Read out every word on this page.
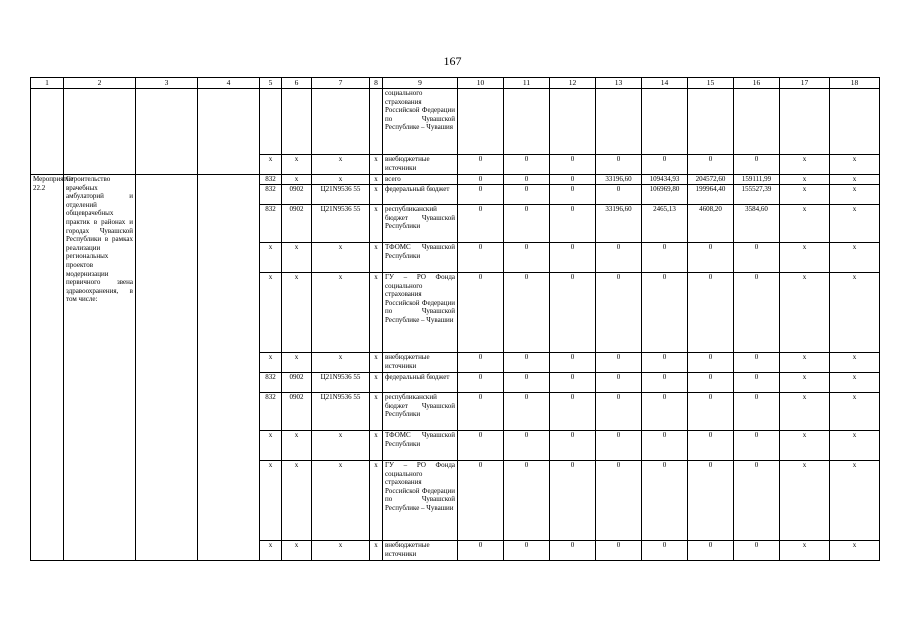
167
1	2	3	4	5	6	7	8	9	10	11	12	13	14	15	16	17	18
								социального страхования Российской Федерации по Чувашской Республике – Чувашия									
				x	x	x	x	внебюджетные источники	0	0	0	0	0	0	0	x	x
Мероприятие 22.2	Строительство врачебных амбулаторий и отделений общеврачебных практик в районах и городах Чувашской Республики в рамках реализации региональных проектов модернизации первичного звена здравоохранения, в том числе:			832	x	x	x	всего	0	0	0	33196,60	109434,93	204572,60	159111,99	x	x
				832	0902	Ц21N9536 55	x	федеральный бюджет	0	0	0	0	106969,80	199964,40	155527,39	x	x
				832	0902	Ц21N9536 55	x	республиканский бюджет Чувашской Республики	0	0	0	33196,60	2465,13	4608,20	3584,60	x	x
				x	x	x	x	ТФОМС Чувашской Республики	0	0	0	0	0	0	0	x	x
				x	x	x	x	ГУ – РО Фонда социального страхования Российской Федерации по Чувашской Республике – Чувашии	0	0	0	0	0	0	0	x	x
				x	x	x	x	внебюджетные источники	0	0	0	0	0	0	0	x	x
				832	0902	Ц21N9536 55	x	федеральный бюджет	0	0	0	0	0	0	0	x	x
				832	0902	Ц21N9536 55	x	республиканский бюджет Чувашской Республики	0	0	0	0	0	0	0	x	x
				x	x	x	x	ТФОМС Чувашской Республики	0	0	0	0	0	0	0	x	x
				x	x	x	x	ГУ – РО Фонда социального страхования Российской Федерации по Чувашской Республике – Чувашии	0	0	0	0	0	0	0	x	x
				x	x	x	x	внебюджетные источники	0	0	0	0	0	0	0	x	x
